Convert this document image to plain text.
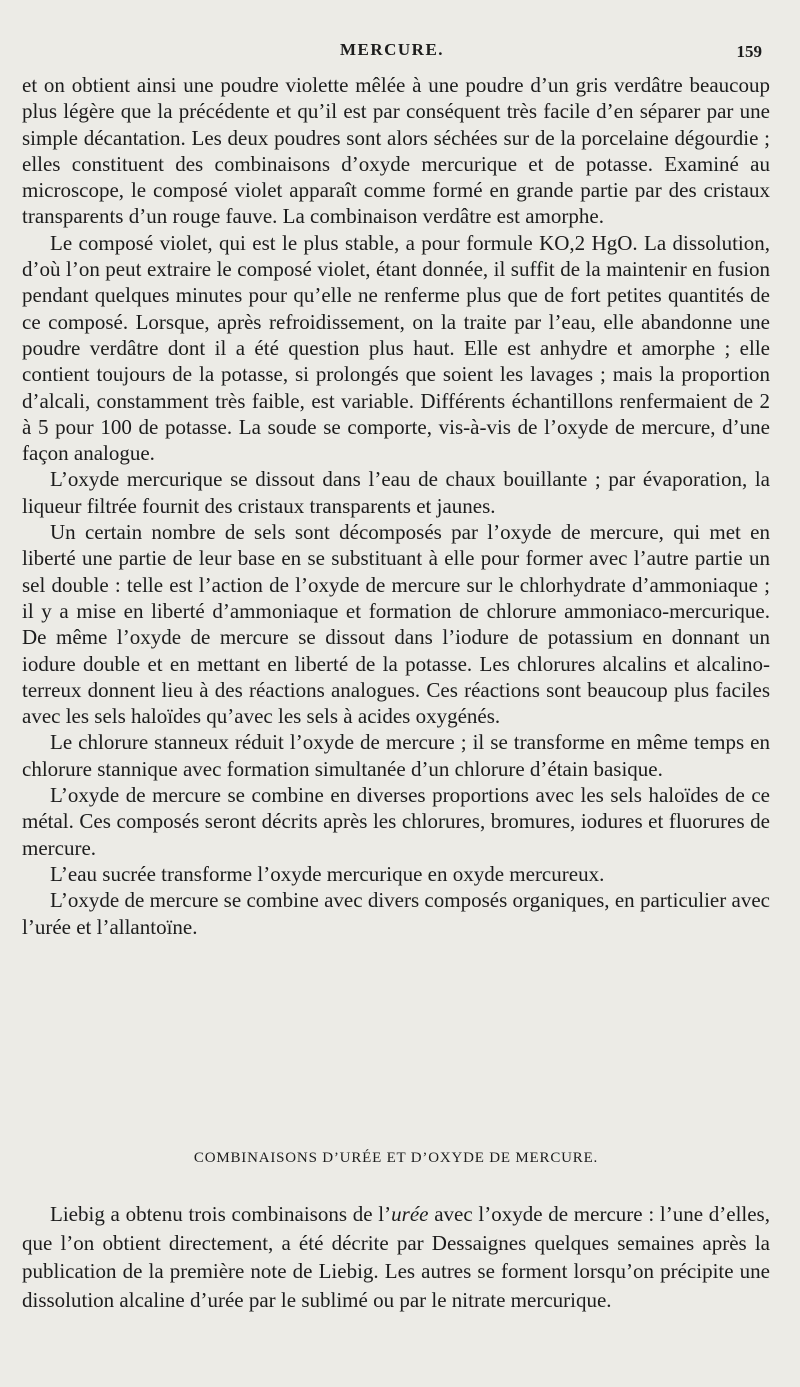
MERCURE.	159

et on obtient ainsi une poudre violette mêlée à une poudre d’un gris verdâtre beaucoup plus légère que la précédente et qu’il est par conséquent très facile d’en séparer par une simple décantation. Les deux poudres sont alors séchées sur de la porcelaine dégourdie ; elles constituent des combinaisons d’oxyde mercurique et de potasse. Examiné au microscope, le composé violet apparaît comme formé en grande partie par des cristaux transparents d’un rouge fauve. La combinaison verdâtre est amorphe.

Le composé violet, qui est le plus stable, a pour formule KO,2 HgO. La dissolution, d’où l’on peut extraire le composé violet, étant donnée, il suffit de la maintenir en fusion pendant quelques minutes pour qu’elle ne renferme plus que de fort petites quantités de ce composé. Lorsque, après refroidissement, on la traite par l’eau, elle abandonne une poudre verdâtre dont il a été question plus haut. Elle est anhydre et amorphe ; elle contient toujours de la potasse, si prolongés que soient les lavages ; mais la proportion d’alcali, constamment très faible, est variable. Différents échantillons renfermaient de 2 à 5 pour 100 de potasse. La soude se comporte, vis-à-vis de l’oxyde de mercure, d’une façon analogue.

L’oxyde mercurique se dissout dans l’eau de chaux bouillante ; par évaporation, la liqueur filtrée fournit des cristaux transparents et jaunes.

Un certain nombre de sels sont décomposés par l’oxyde de mercure, qui met en liberté une partie de leur base en se substituant à elle pour former avec l’autre partie un sel double : telle est l’action de l’oxyde de mercure sur le chlorhydrate d’ammoniaque ; il y a mise en liberté d’ammoniaque et formation de chlorure ammoniaco-mercurique. De même l’oxyde de mercure se dissout dans l’iodure de potassium en donnant un iodure double et en mettant en liberté de la potasse. Les chlorures alcalins et alcalino-terreux donnent lieu à des réactions analogues. Ces réactions sont beaucoup plus faciles avec les sels haloïdes qu’avec les sels à acides oxygénés.

Le chlorure stanneux réduit l’oxyde de mercure ; il se transforme en même temps en chlorure stannique avec formation simultanée d’un chlorure d’étain basique.

L’oxyde de mercure se combine en diverses proportions avec les sels haloïdes de ce métal. Ces composés seront décrits après les chlorures, bromures, iodures et fluorures de mercure.

L’eau sucrée transforme l’oxyde mercurique en oxyde mercureux.

L’oxyde de mercure se combine avec divers composés organiques, en particulier avec l’urée et l’allantoïne.

COMBINAISONS D’URÉE ET D’OXYDE DE MERCURE.

Liebig a obtenu trois combinaisons de l’urée avec l’oxyde de mercure : l’une d’elles, que l’on obtient directement, a été décrite par Dessaignes quelques semaines après la publication de la première note de Liebig. Les autres se forment lorsqu’on précipite une dissolution alcaline d’urée par le sublimé ou par le nitrate mercurique.
